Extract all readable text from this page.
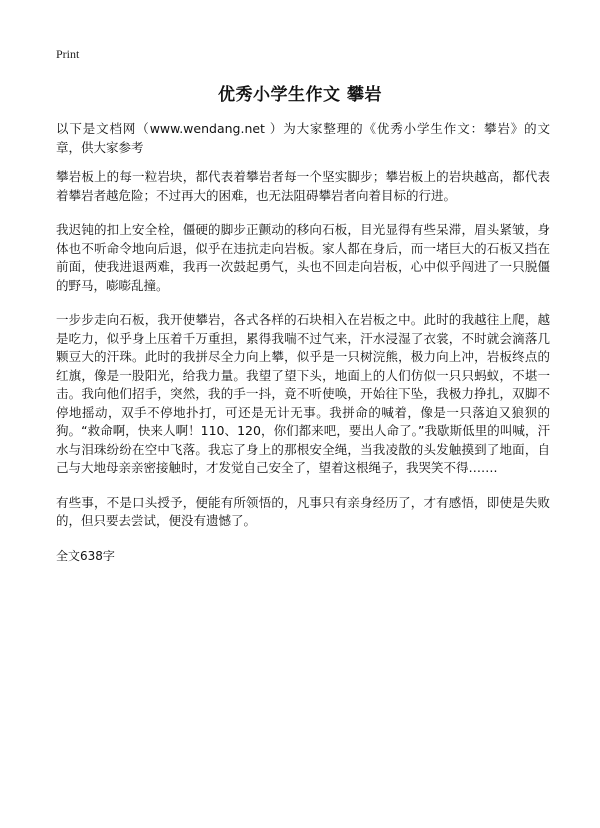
Print
优秀小学生作文 攀岩

以下是文档网（www.wendang.net ）为大家整理的《优秀小学生作文：攀岩》的文章，供大家参考

攀岩板上的每一粒岩块，都代表着攀岩者每一个坚实脚步；攀岩板上的岩块越高，都代表着攀岩者越危险；不过再大的困难，也无法阻碍攀岩者向着目标的行进。

我迟钝的扣上安全栓，僵硬的脚步正颤动的移向石板，目光显得有些呆滞，眉头紧皱，身体也不听命令地向后退，似乎在违抗走向岩板。家人都在身后，而一堵巨大的石板又挡在前面，使我进退两难，我再一次鼓起勇气，头也不回走向岩板，心中似乎闯进了一只脱僵的野马，嘭嘭乱撞。

一步步走向石板，我开使攀岩，各式各样的石块相入在岩板之中。此时的我越往上爬，越是吃力，似乎身上压着千万重担，累得我喘不过气来，汗水浸湿了衣裳，不时就会滴落几颗豆大的汗珠。此时的我拼尽全力向上攀，似乎是一只树浣熊，极力向上冲，岩板终点的红旗，像是一股阳光，给我力量。我望了望下头，地面上的人们仿似一只只蚂蚁，不堪一击。我向他们招手，突然，我的手一抖，竟不听使唤，开始往下坠，我极力挣扎，双脚不停地摇动，双手不停地扑打，可还是无计无事。我拼命的喊着，像是一只落迫又狼狈的狗。“救命啊，快来人啊！110、120，你们都来吧，要出人命了。”我歇斯低里的叫喊，汗水与泪珠纷纷在空中飞落。我忘了身上的那根安全绳，当我凌散的头发触摸到了地面，自己与大地母亲亲密接触时，才发觉自己安全了，望着这根绳子，我哭笑不得…….

有些事，不是口头授予，便能有所领悟的，凡事只有亲身经历了，才有感悟，即使是失败的，但只要去尝试，便没有遗憾了。

全文638字
